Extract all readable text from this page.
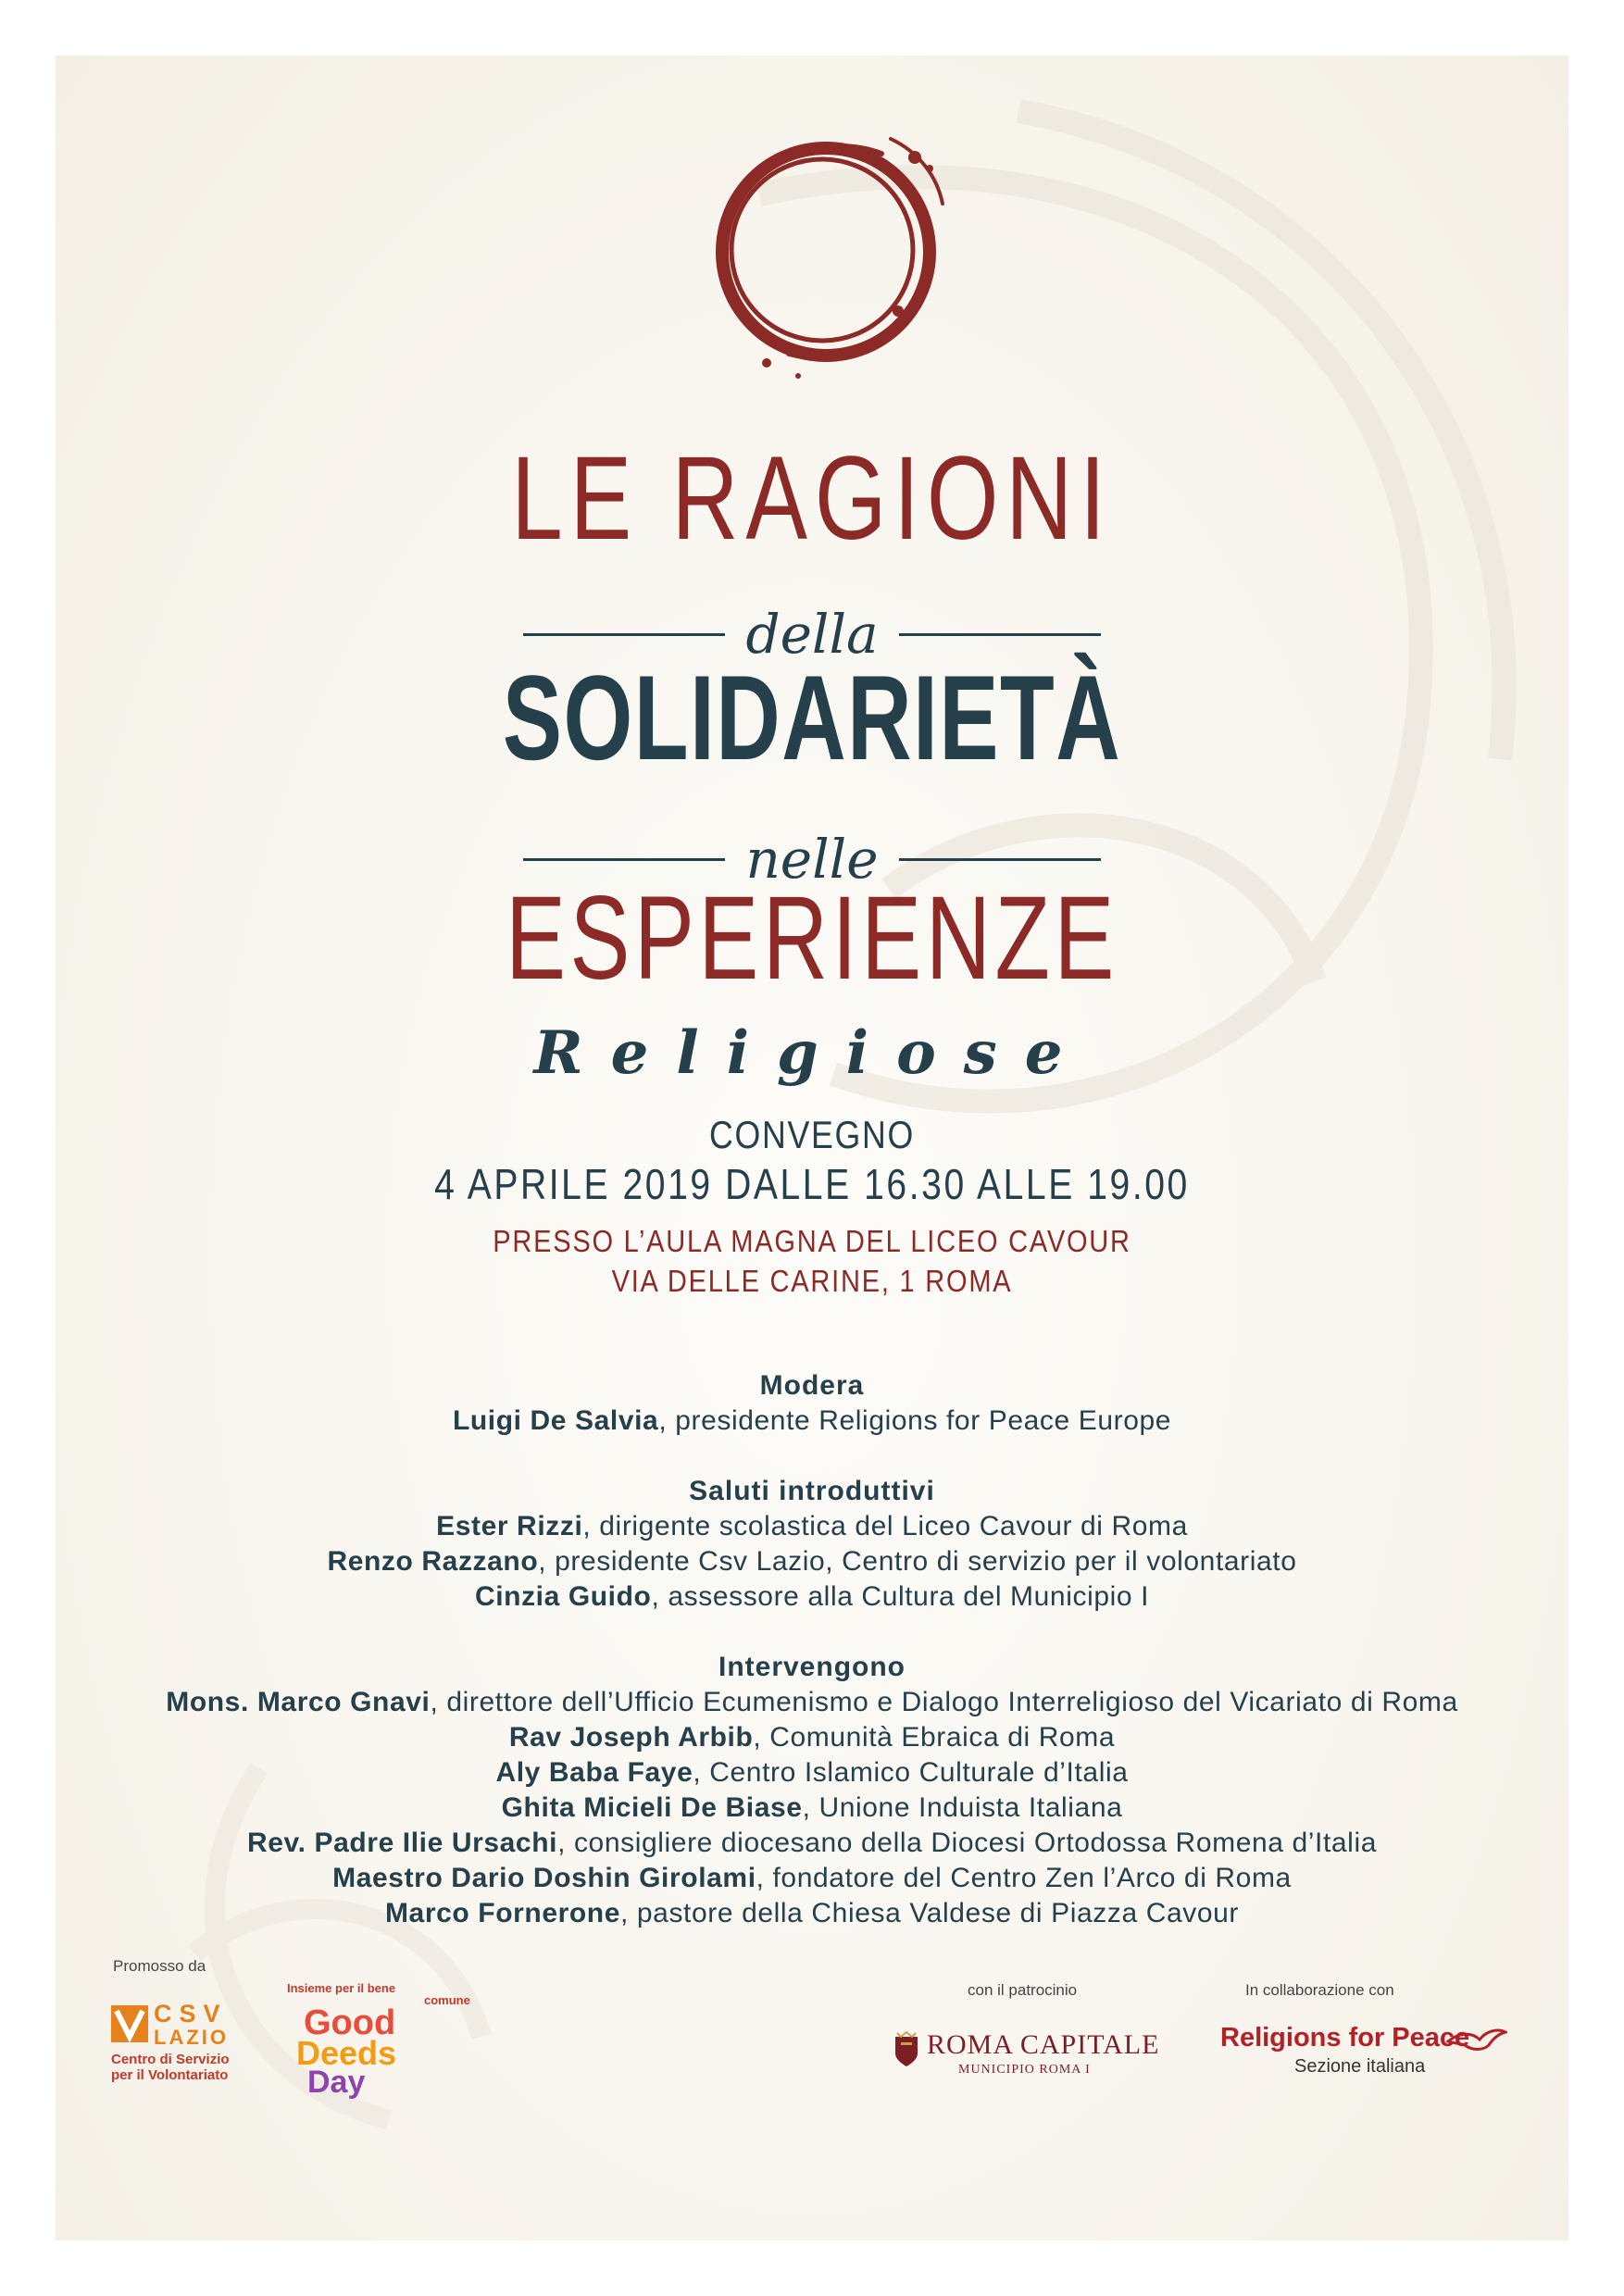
LE RAGIONI
della
SOLIDARIETÀ
nelle
ESPERIENZE
Religiose
CONVEGNO
4 APRILE 2019 DALLE 16.30 ALLE 19.00
PRESSO L’AULA MAGNA DEL LICEO CAVOUR
VIA DELLE CARINE, 1 ROMA
Modera
Luigi De Salvia, presidente Religions for Peace Europe
Saluti introduttivi
Ester Rizzi, dirigente scolastica del Liceo Cavour di Roma
Renzo Razzano, presidente Csv Lazio, Centro di servizio per il volontariato
Cinzia Guido, assessore alla Cultura del Municipio I
Intervengono
Mons. Marco Gnavi, direttore dell’Ufficio Ecumenismo e Dialogo Interreligioso del Vicariato di Roma
Rav Joseph Arbib, Comunità Ebraica di Roma
Aly Baba Faye, Centro Islamico Culturale d’Italia
Ghita Micieli De Biase, Unione Induista Italiana
Rev. Padre Ilie Ursachi, consigliere diocesano della Diocesi Ortodossa Romena d’Italia
Maestro Dario Doshin Girolami, fondatore del Centro Zen l’Arco di Roma
Marco Fornerone, pastore della Chiesa Valdese di Piazza Cavour
Promosso da
con il patrocinio	In collaborazione con
CSV
LAZIO
Centro di Servizio
per il Volontariato
Insieme per il bene
comune
Good
Deeds
Day
ROMA CAPITALE
MUNICIPIO ROMA I
Religions for Peace
Sezione italiana
